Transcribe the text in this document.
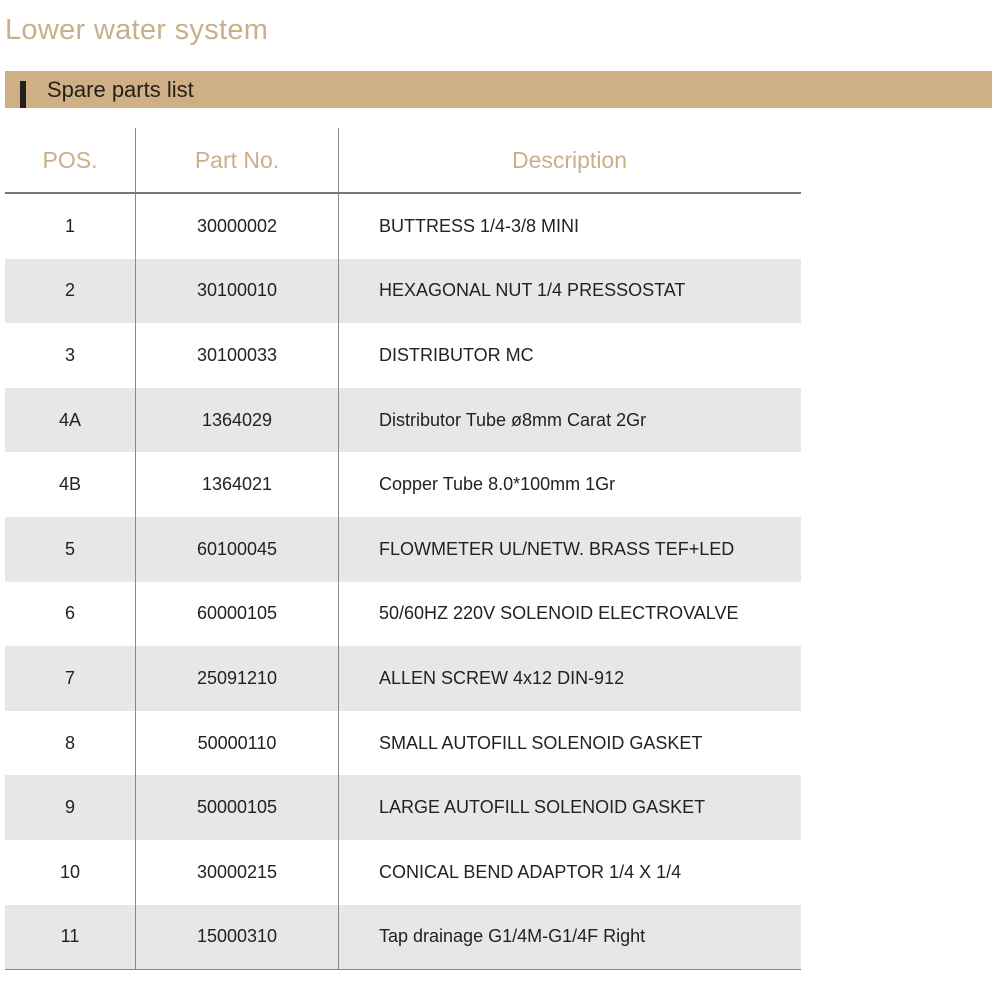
Lower water system
Spare parts list
POS.	Part No.	Description
1	30000002	BUTTRESS 1/4-3/8 MINI
2	30100010	HEXAGONAL NUT 1/4 PRESSOSTAT
3	30100033	DISTRIBUTOR MC
4A	1364029	Distributor Tube ø8mm Carat 2Gr
4B	1364021	Copper Tube 8.0*100mm 1Gr
5	60100045	FLOWMETER UL/NETW. BRASS TEF+LED
6	60000105	50/60HZ 220V SOLENOID ELECTROVALVE
7	25091210	ALLEN SCREW 4x12 DIN-912
8	50000110	SMALL AUTOFILL SOLENOID GASKET
9	50000105	LARGE AUTOFILL SOLENOID GASKET
10	30000215	CONICAL BEND ADAPTOR 1/4 X 1/4
11	15000310	Tap drainage G1/4M-G1/4F Right
